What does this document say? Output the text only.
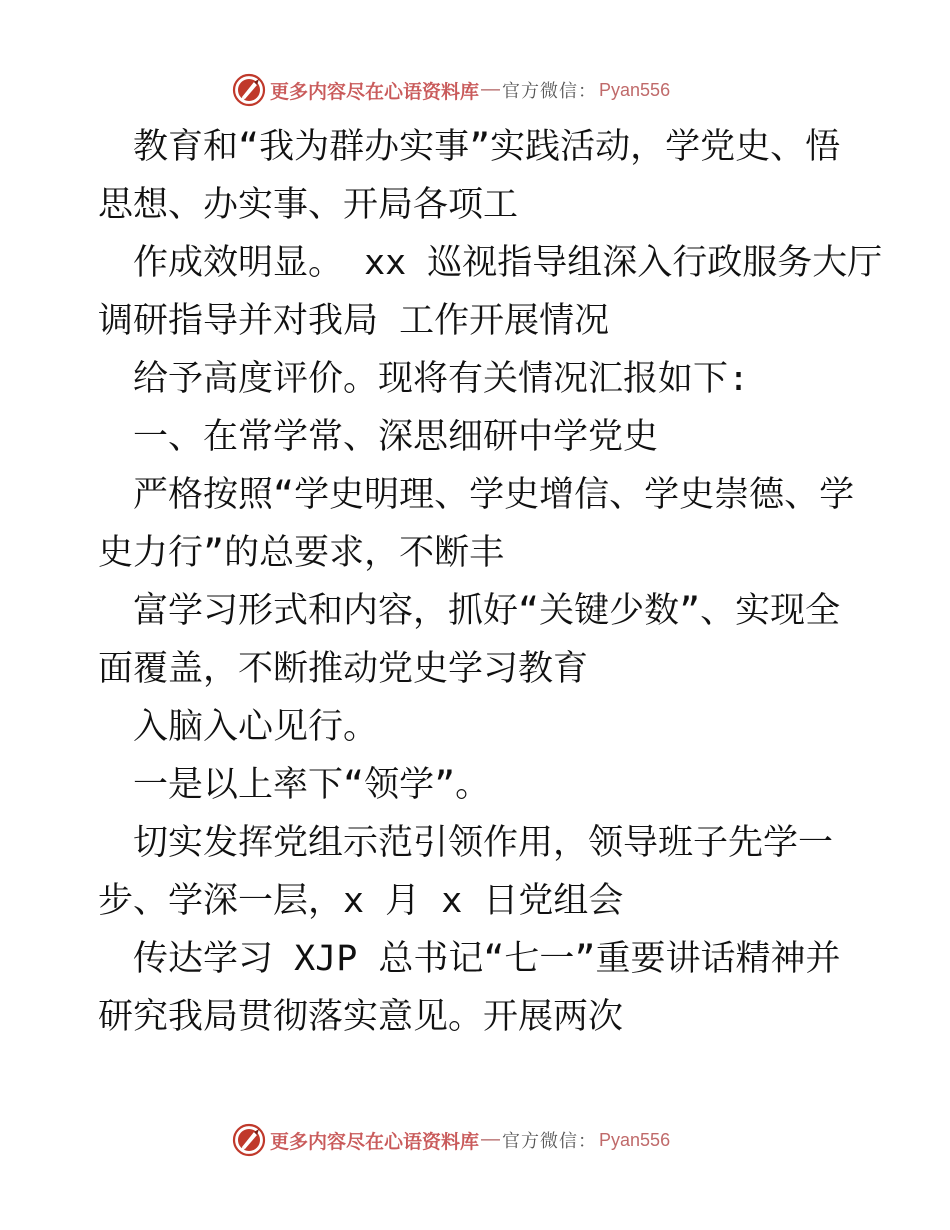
更多内容尽在心语资料库 — 官方微信： Pyan556
教育和“我为群办实事”实践活动，学党史、悟
思想、办实事、开局各项工
作成效明显。 xx 巡视指导组深入行政服务大厅
调研指导并对我局 工作开展情况
给予高度评价。现将有关情况汇报如下:
一、在常学常、深思细研中学党史
严格按照“学史明理、学史增信、学史崇德、学
史力行”的总要求，不断丰
富学习形式和内容，抓好“关键少数”、实现全
面覆盖，不断推动党史学习教育
入脑入心见行。
一是以上率下“领学”。
切实发挥党组示范引领作用，领导班子先学一
步、学深一层，x 月 x 日党组会
传达学习 XJP 总书记“七一”重要讲话精神并
研究我局贯彻落实意见。开展两次
更多内容尽在心语资料库 — 官方微信： Pyan556
